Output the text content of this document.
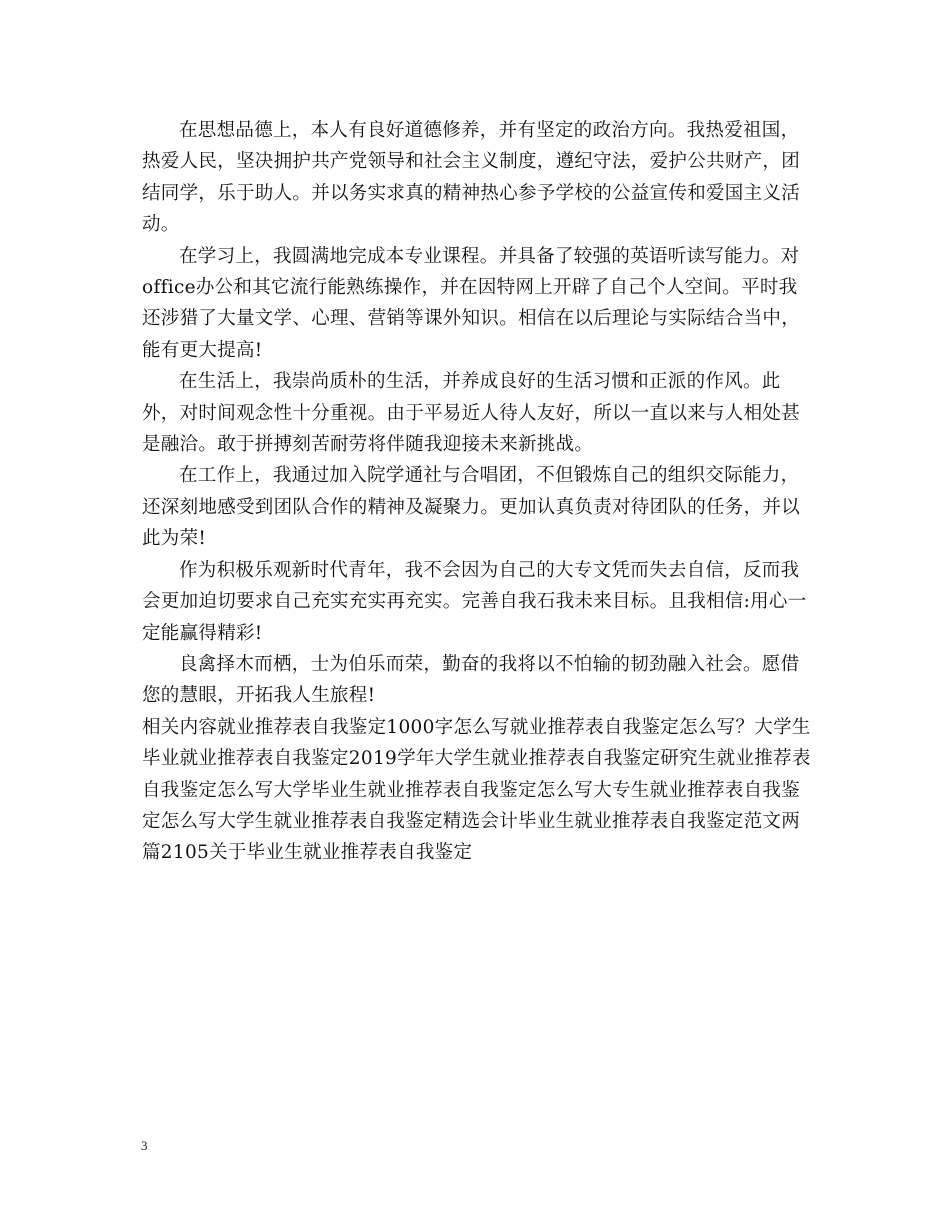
在思想品德上，本人有良好道德修养，并有坚定的政治方向。我热爱祖国，热爱人民，坚决拥护共产党领导和社会主义制度，遵纪守法，爱护公共财产，团结同学，乐于助人。并以务实求真的精神热心参予学校的公益宣传和爱国主义活动。

在学习上，我圆满地完成本专业课程。并具备了较强的英语听读写能力。对office办公和其它流行能熟练操作，并在因特网上开辟了自己个人空间。平时我还涉猎了大量文学、心理、营销等课外知识。相信在以后理论与实际结合当中，能有更大提高!

在生活上，我崇尚质朴的生活，并养成良好的生活习惯和正派的作风。此外，对时间观念性十分重视。由于平易近人待人友好，所以一直以来与人相处甚是融洽。敢于拼搏刻苦耐劳将伴随我迎接未来新挑战。

在工作上，我通过加入院学通社与合唱团，不但锻炼自己的组织交际能力，还深刻地感受到团队合作的精神及凝聚力。更加认真负责对待团队的任务，并以此为荣!

作为积极乐观新时代青年，我不会因为自己的大专文凭而失去自信，反而我会更加迫切要求自己充实充实再充实。完善自我石我未来目标。且我相信:用心一定能赢得精彩!

良禽择木而栖，士为伯乐而荣，勤奋的我将以不怕输的韧劲融入社会。愿借您的慧眼，开拓我人生旅程!

相关内容就业推荐表自我鉴定1000字怎么写就业推荐表自我鉴定怎么写？大学生毕业就业推荐表自我鉴定2019学年大学生就业推荐表自我鉴定研究生就业推荐表自我鉴定怎么写大学毕业生就业推荐表自我鉴定怎么写大专生就业推荐表自我鉴定怎么写大学生就业推荐表自我鉴定精选会计毕业生就业推荐表自我鉴定范文两篇2105关于毕业生就业推荐表自我鉴定

3
